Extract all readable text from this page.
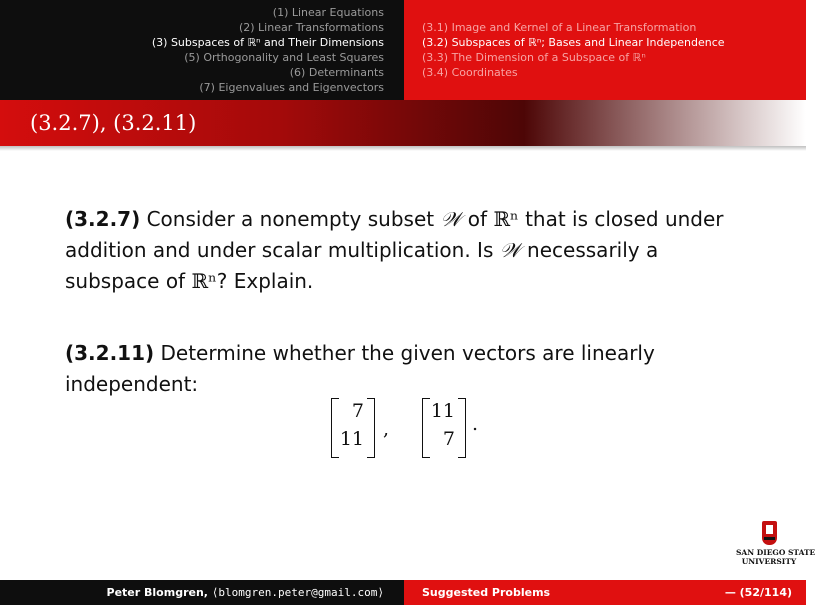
(1) Linear Equations
(2) Linear Transformations
(3) Subspaces of ℝⁿ and Their Dimensions
(5) Orthogonality and Least Squares
(6) Determinants
(7) Eigenvalues and Eigenvectors
(3.1) Image and Kernel of a Linear Transformation
(3.2) Subspaces of ℝⁿ; Bases and Linear Independence
(3.3) The Dimension of a Subspace of ℝⁿ
(3.4) Coordinates
(3.2.7), (3.2.11)
(3.2.7) Consider a nonempty subset 𝒲 of ℝⁿ that is closed under
addition and under scalar multiplication. Is 𝒲 necessarily a
subspace of ℝⁿ? Explain.
(3.2.11) Determine whether the given vectors are linearly
independent:
7
11 ,
11
7
.
SAN DIEGO STATE
UNIVERSITY
Peter Blomgren, ⟨blomgren.peter@gmail.com⟩	Suggested Problems	— (52/114)
